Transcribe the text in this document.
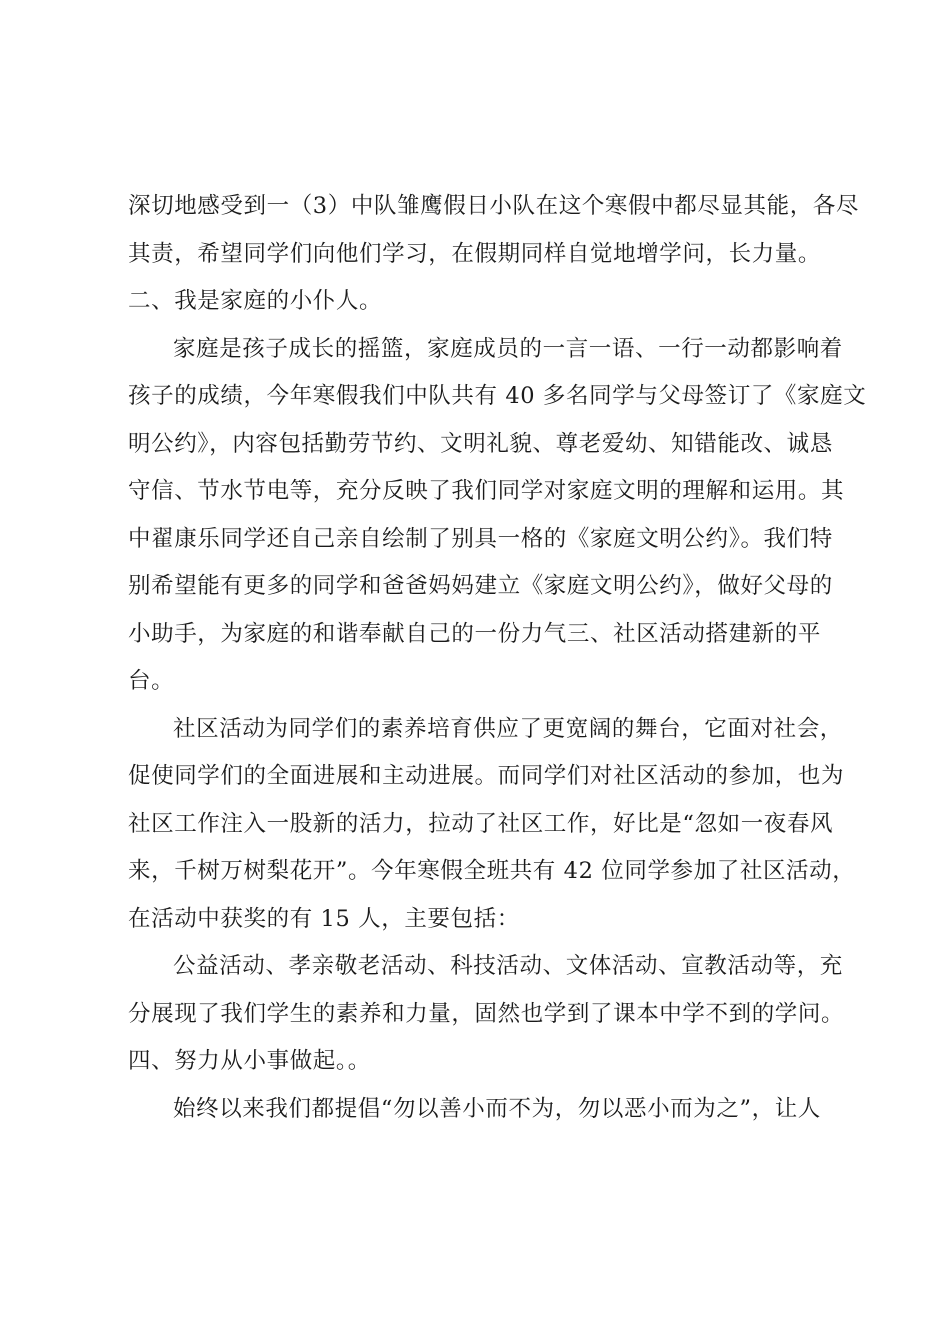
深切地感受到一（3）中队雏鹰假日小队在这个寒假中都尽显其能，各尽
其责，希望同学们向他们学习，在假期同样自觉地增学问，长力量。
二、我是家庭的小仆人。
家庭是孩子成长的摇篮，家庭成员的一言一语、一行一动都影响着
孩子的成绩，今年寒假我们中队共有 40 多名同学与父母签订了《家庭文
明公约》，内容包括勤劳节约、文明礼貌、尊老爱幼、知错能改、诚恳
守信、节水节电等，充分反映了我们同学对家庭文明的理解和运用。其
中翟康乐同学还自己亲自绘制了别具一格的《家庭文明公约》。我们特
别希望能有更多的同学和爸爸妈妈建立《家庭文明公约》，做好父母的
小助手，为家庭的和谐奉献自己的一份力气三、社区活动搭建新的平
台。
社区活动为同学们的素养培育供应了更宽阔的舞台，它面对社会，
促使同学们的全面进展和主动进展。而同学们对社区活动的参加，也为
社区工作注入一股新的活力，拉动了社区工作，好比是“忽如一夜春风
来，千树万树梨花开”。今年寒假全班共有 42 位同学参加了社区活动，
在活动中获奖的有 15 人，主要包括：
公益活动、孝亲敬老活动、科技活动、文体活动、宣教活动等，充
分展现了我们学生的素养和力量，固然也学到了课本中学不到的学问。
四、努力从小事做起。。
始终以来我们都提倡“勿以善小而不为，勿以恶小而为之”，让人
